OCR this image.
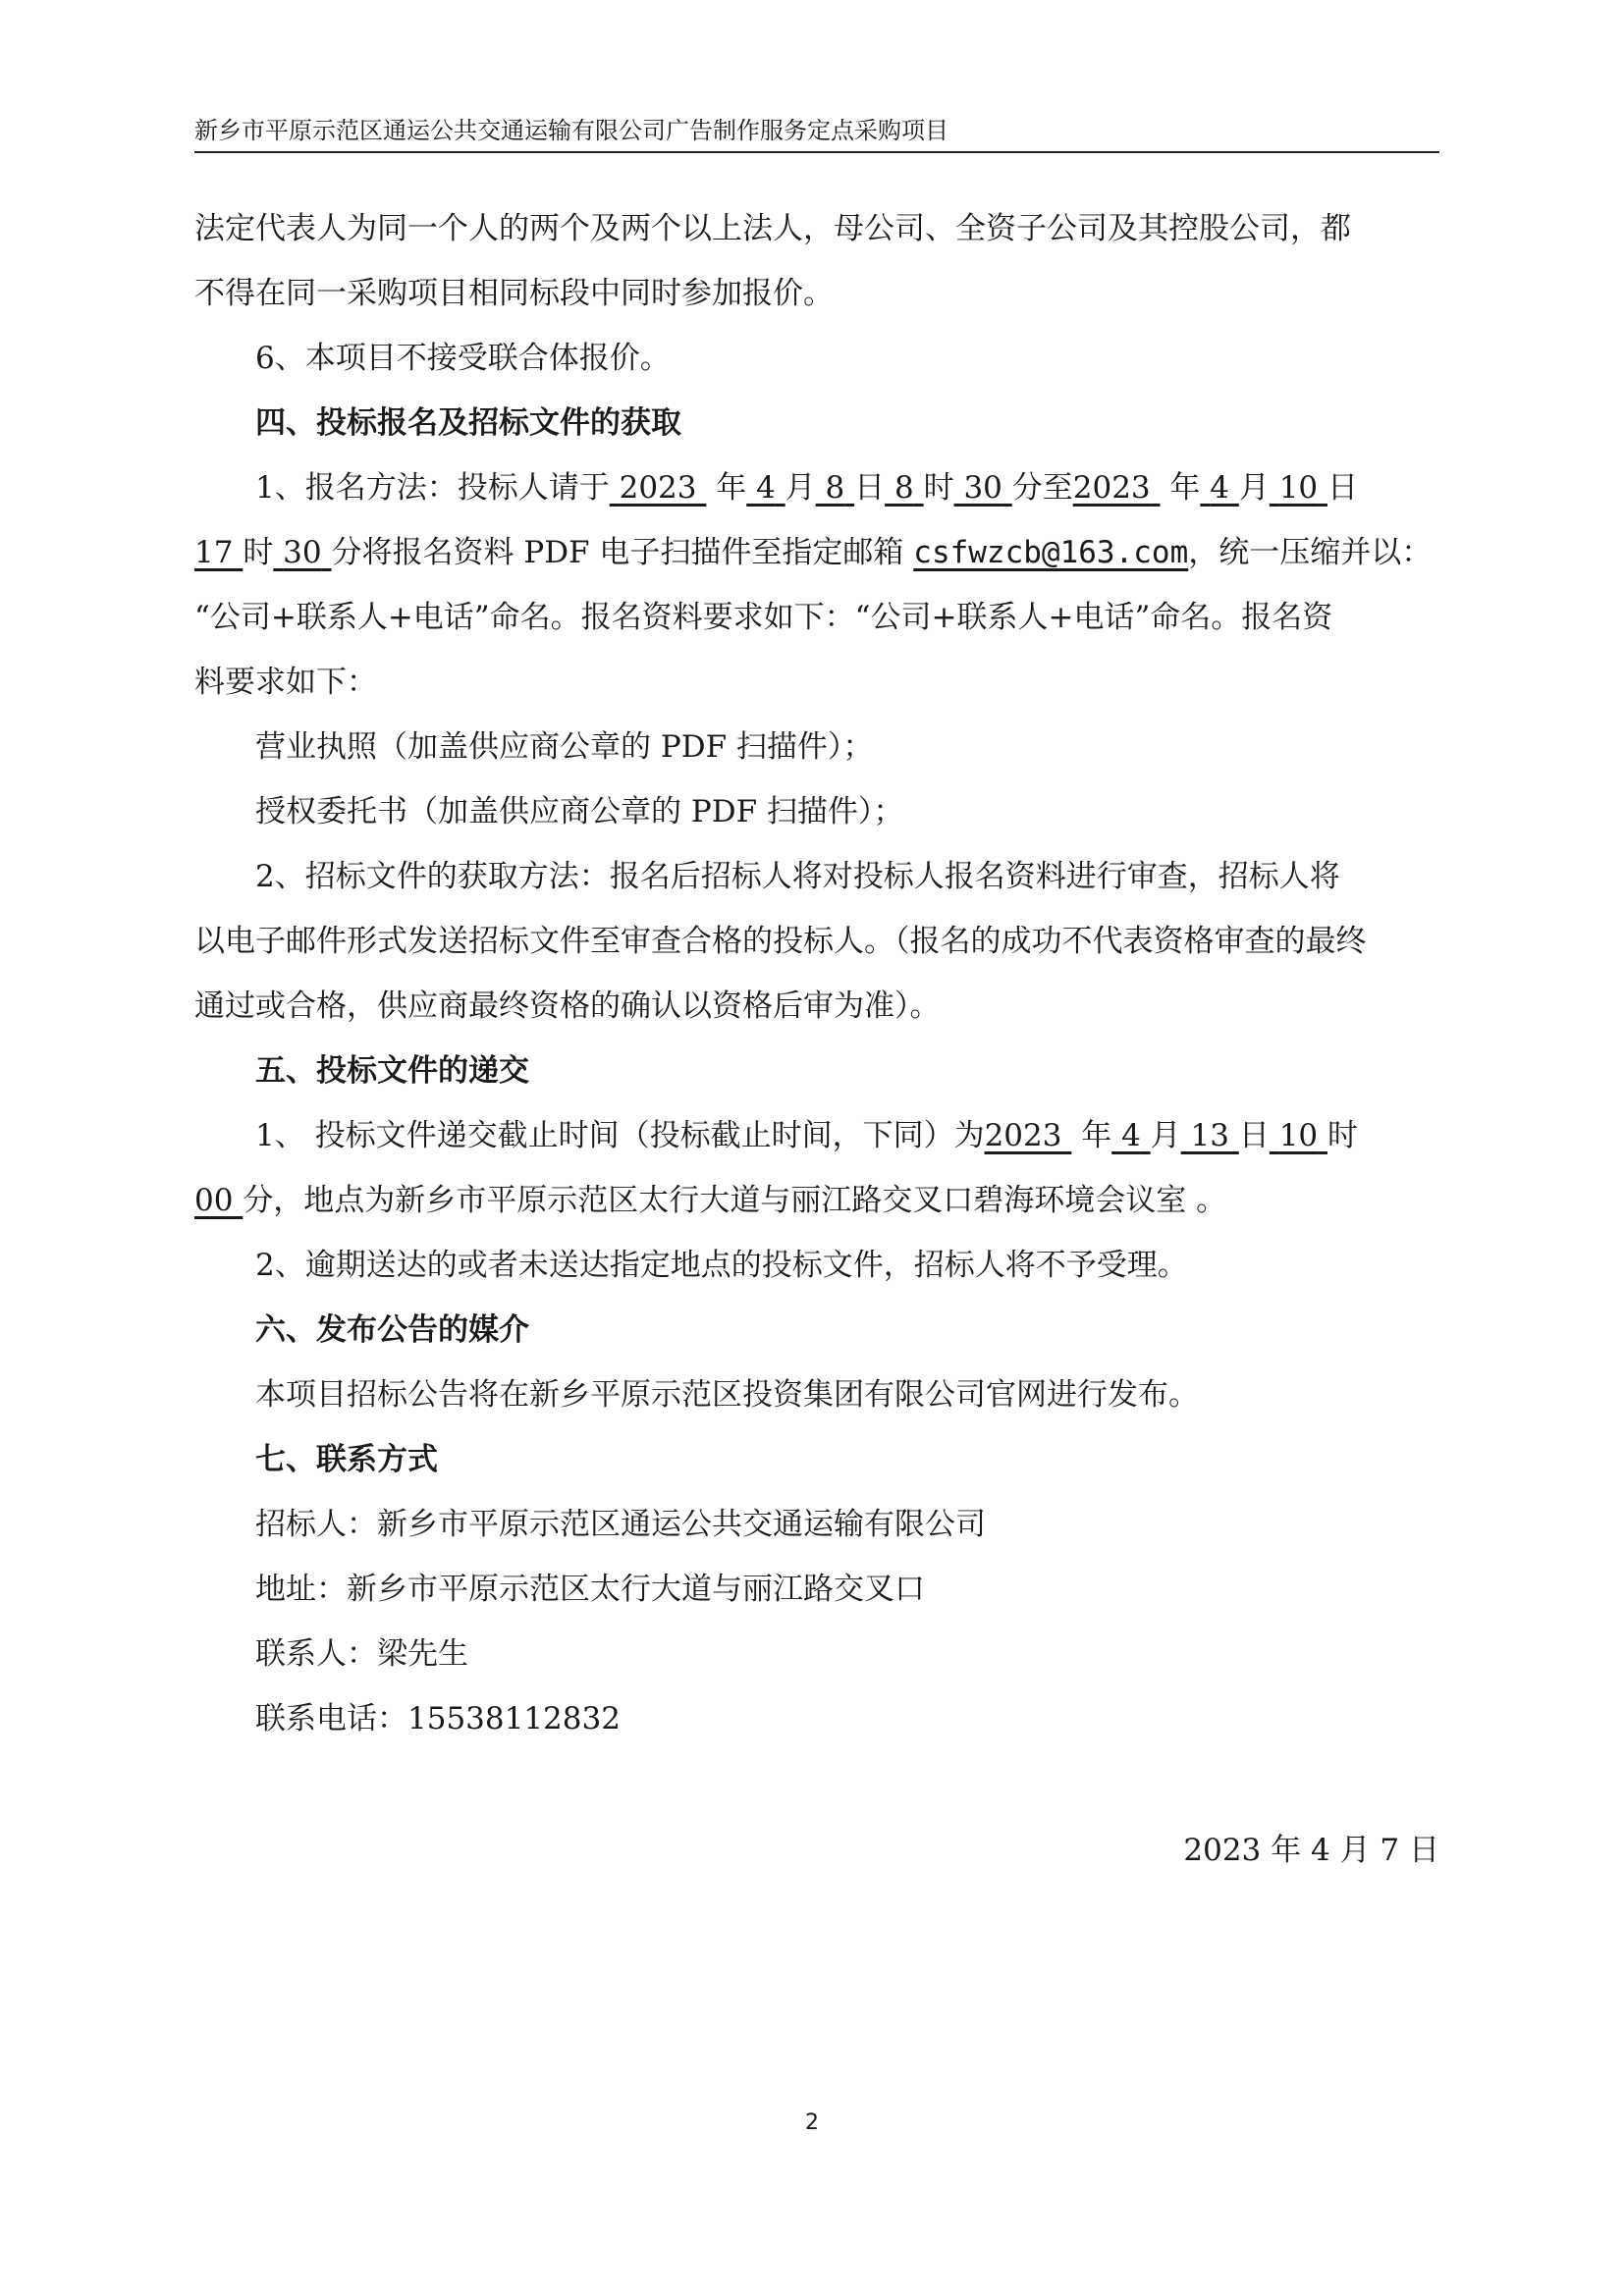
新乡市平原示范区通运公共交通运输有限公司广告制作服务定点采购项目
法定代表人为同一个人的两个及两个以上法人，母公司、全资子公司及其控股公司，都
不得在同一采购项目相同标段中同时参加报价。
6、本项目不接受联合体报价。
四、投标报名及招标文件的获取
1、报名方法：投标人请于 2023 年 4 月 8 日 8 时 30 分至2023 年 4 月 10 日
17 时 30 分将报名资料 PDF 电子扫描件至指定邮箱 csfwzcb@163.com，统一压缩并以：
“公司+联系人+电话”命名。报名资料要求如下：“公司+联系人+电话”命名。报名资
料要求如下：
营业执照（加盖供应商公章的 PDF 扫描件）；
授权委托书（加盖供应商公章的 PDF 扫描件）；
2、招标文件的获取方法：报名后招标人将对投标人报名资料进行审查，招标人将
以电子邮件形式发送招标文件至审查合格的投标人。（报名的成功不代表资格审查的最终
通过或合格，供应商最终资格的确认以资格后审为准）。
五、投标文件的递交
1、 投标文件递交截止时间（投标截止时间，下同）为2023 年 4 月 13 日 10 时
00 分，地点为新乡市平原示范区太行大道与丽江路交叉口碧海环境会议室 。
2、逾期送达的或者未送达指定地点的投标文件，招标人将不予受理。
六、发布公告的媒介
本项目招标公告将在新乡平原示范区投资集团有限公司官网进行发布。
七、联系方式
招标人：新乡市平原示范区通运公共交通运输有限公司
地址：新乡市平原示范区太行大道与丽江路交叉口
联系人：梁先生
联系电话：15538112832
2023 年 4 月 7 日
2
